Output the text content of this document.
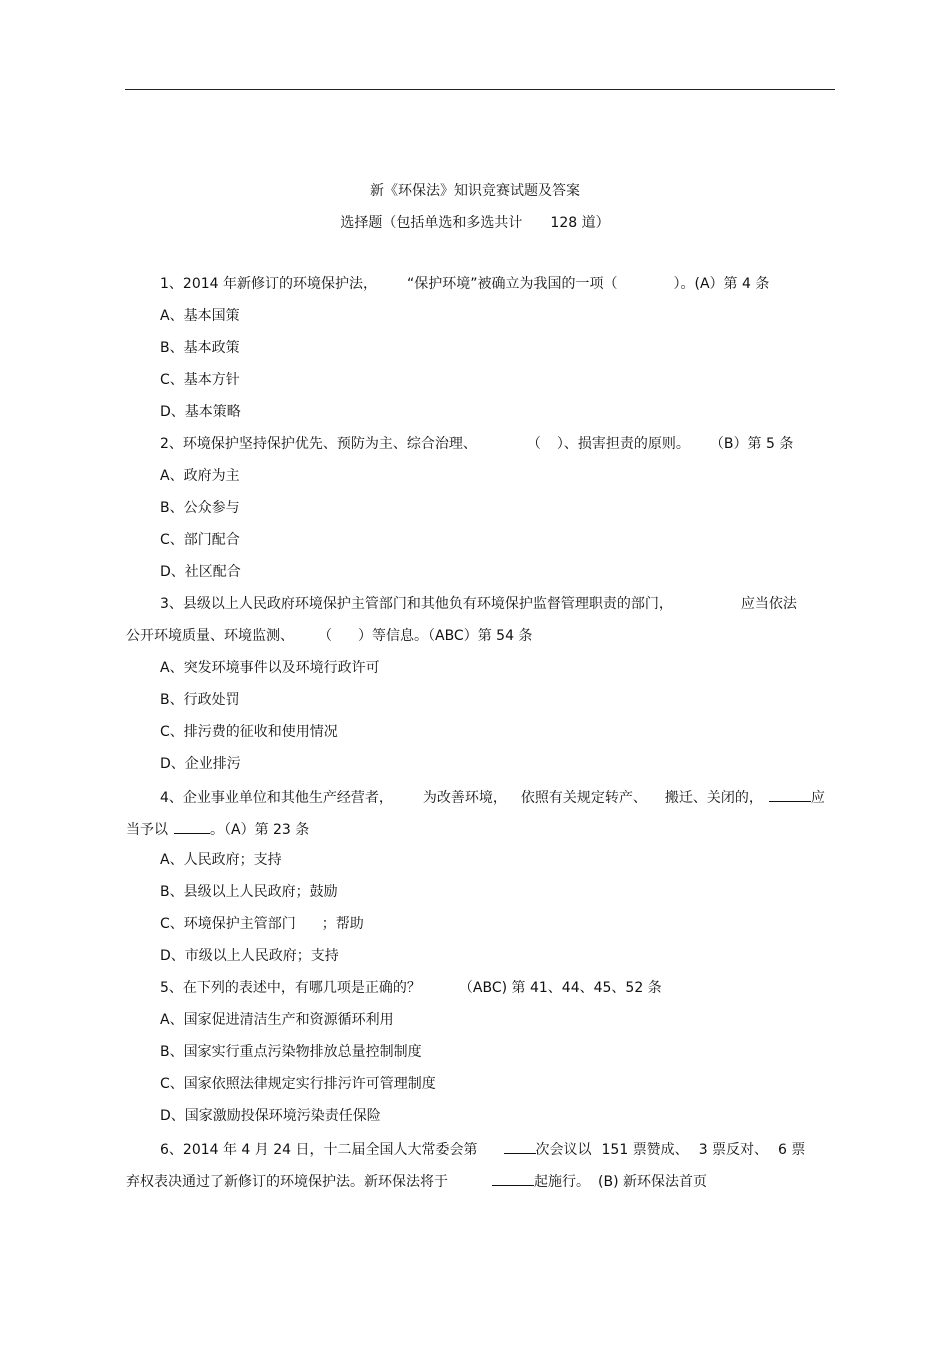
新《环保法》知识竞赛试题及答案
选择题（包括单选和多选共计　　128 道）
1、2014 年新修订的环境保护法， “保护环境”被确立为我国的一项（	）。(A）第 4 条
A、基本国策
B、基本政策
C、基本方针
D、基本策略
2、环境保护坚持保护优先、预防为主、综合治理、	（ ）、损害担责的原则。 （B）第 5 条
A、政府为主
B、公众参与
C、部门配合
D、社区配合
3、县级以上人民政府环境保护主管部门和其他负有环境保护监督管理职责的部门，	应当依法
公开环境质量、环境监测、 （ ）等信息。（ABC）第 54 条
A、突发环境事件以及环境行政许可
B、行政处罚
C、排污费的征收和使用情况
D、企业排污
4、企业事业单位和其他生产经营者， 为改善环境， 依照有关规定转产、 搬迁、关闭的，	应
当予以	。（A）第 23 条
A、人民政府；支持
B、县级以上人民政府；鼓励
C、环境保护主管部门 ；帮助
D、市级以上人民政府；支持
5、在下列的表述中，有哪几项是正确的？	（ABC) 第 41、44、45、52 条
A、国家促进清洁生产和资源循环利用
B、国家实行重点污染物排放总量控制制度
C、国家依照法律规定实行排污许可管理制度
D、国家激励投保环境污染责任保险
6、2014 年 4 月 24 日，十二届全国人大常委会第	次会议以 151 票赞成、 3 票反对、 6 票
弃权表决通过了新修订的环境保护法。新环保法将于	起施行。 (B) 新环保法首页
